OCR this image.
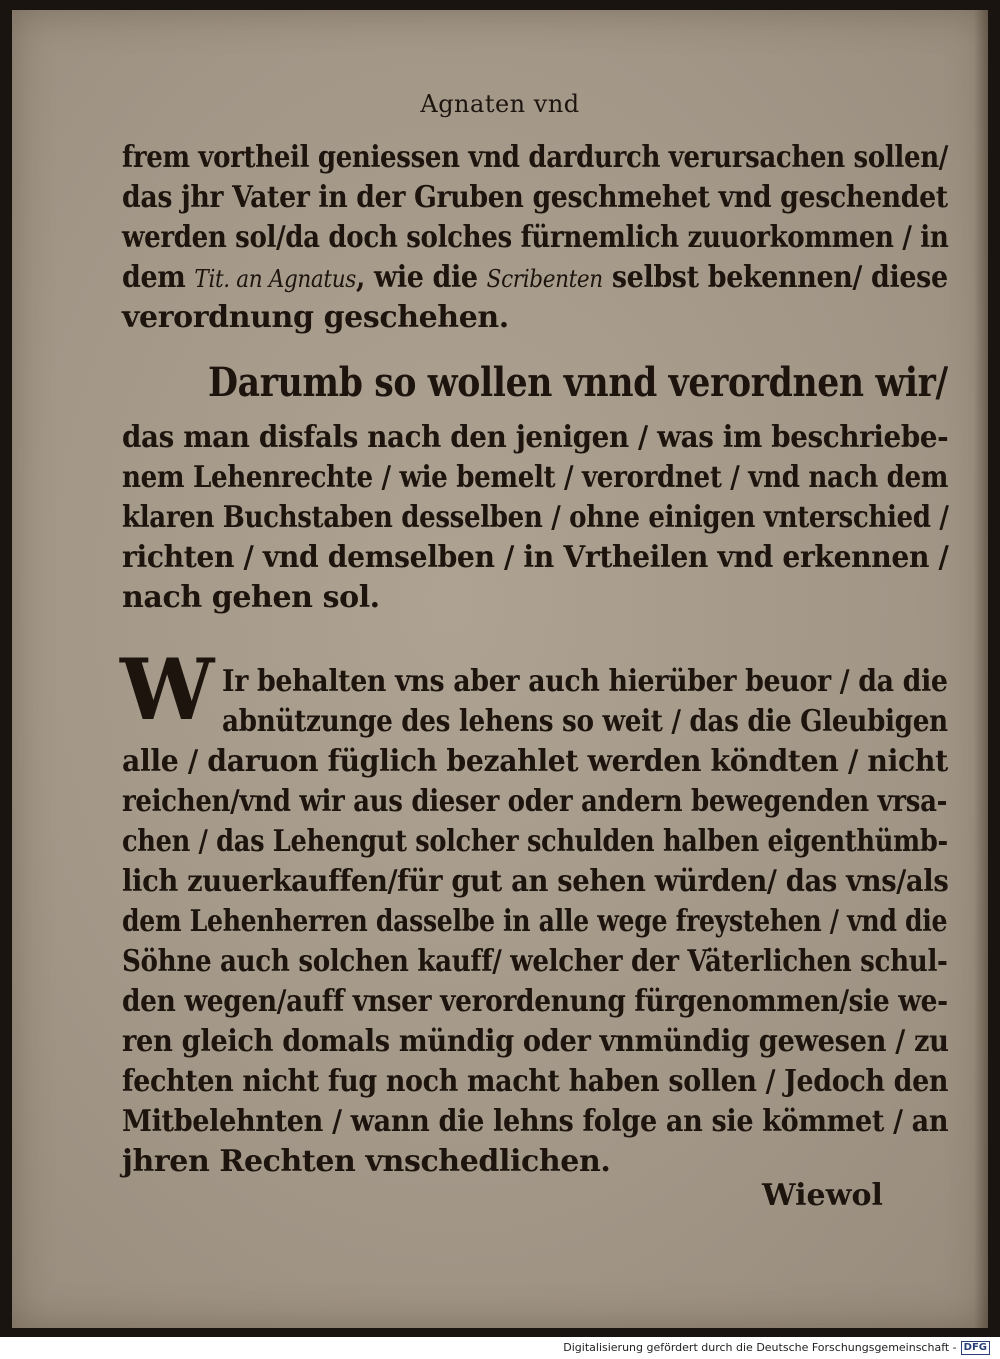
Agnaten vnd
frem vortheil geniessen vnd dardurch verursachen sollen/
das jhr Vater in der Gruben geschmehet vnd geschendet
werden sol/da doch solches fürnemlich zuuorkommen / in
dem Tit. an Agnatus, wie die Scribenten selbst bekennen/ diese
verordnung geschehen.
Darumb so wollen vnnd verordnen wir/
das man disfals nach den jenigen / was im beschriebe-
nem Lehenrechte / wie bemelt / verordnet / vnd nach dem
klaren Buchstaben desselben / ohne einigen vnterschied /
richten / vnd demselben / in Vrtheilen vnd erkennen /
nach gehen sol.
W Ir behalten vns aber auch hierüber beuor / da die
abnützunge des lehens so weit / das die Gleubigen
alle / daruon füglich bezahlet werden köndten / nicht
reichen/vnd wir aus dieser oder andern bewegenden vrsa-
chen / das Lehengut solcher schulden halben eigenthümb-
lich zuuerkauffen/für gut an sehen würden/ das vns/als
dem Lehenherren dasselbe in alle wege freystehen / vnd die
Söhne auch solchen kauff/ welcher der Väterlichen schul-
den wegen/auff vnser verordenung fürgenommen/sie we-
ren gleich domals mündig oder vnmündig gewesen / zu
fechten nicht fug noch macht haben sollen / Jedoch den
Mitbelehnten / wann die lehns folge an sie kömmet / an
jhren Rechten vnschedlichen.
Wiewol
Digitalisierung gefördert durch die Deutsche Forschungsgemeinschaft - DFG
